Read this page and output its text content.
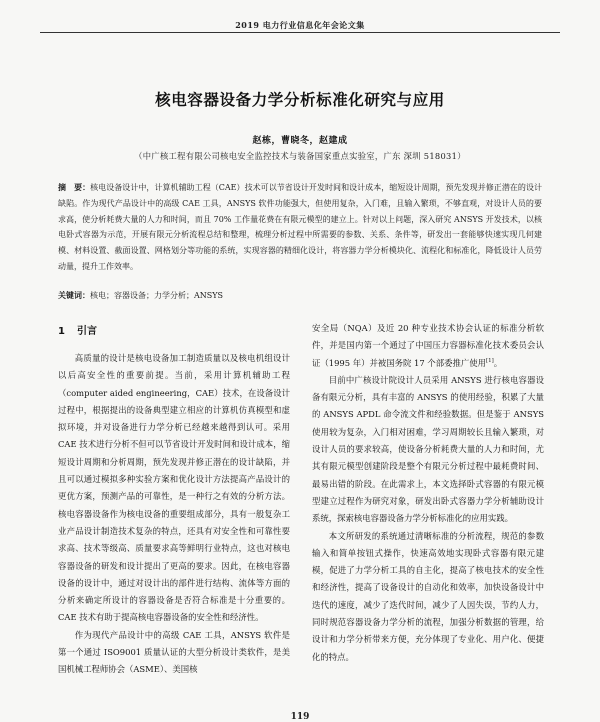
2019 电力行业信息化年会论文集
核电容器设备力学分析标准化研究与应用
赵栋，曹晓冬，赵建成
（中广核工程有限公司核电安全监控技术与装备国家重点实验室，广东 深圳 518031）
摘　要：核电设备设计中，计算机辅助工程（CAE）技术可以节省设计开发时间和设计成本，缩短设计周期，预先发现并修正潜在的设计缺陷。作为现代产品设计中的高级 CAE 工具，ANSYS 软件功能强大，但使用复杂，入门难，且输入繁琐，不够直观，对设计人员的要求高，使分析耗费大量的人力和时间，而且 70% 工作量花费在有限元模型的建立上。针对以上问题，深入研究 ANSYS 开发技术，以核电卧式容器为示范，开展有限元分析流程总结和整理，梳理分析过程中所需要的参数、关系、条件等，研发出一套能够快速实现几何建模、材料设置、截面设置、网格划分等功能的系统，实现容器的精细化设计，将容器力学分析模块化、流程化和标准化，降低设计人员劳动量，提升工作效率。
关键词：核电；容器设备；力学分析；ANSYS
1 引言

高质量的设计是核电设备加工制造质量以及核电机组设计以后高安全性的重要前提。当前，采用计算机辅助工程（computer aided engineering，CAE）技术，在设备设计过程中，根据提出的设备典型建立相应的计算机仿真模型和虚拟环境，并对设备进行力学分析已经越来越得到认可。采用 CAE 技术进行分析不但可以节省设计开发时间和设计成本，缩短设计周期和分析周期，预先发现并修正潜在的设计缺陷，并且可以通过模拟多种实验方案和优化设计方法提高产品设计的更优方案，预测产品的可靠性，是一种行之有效的分析方法。核电容器设备作为核电设备的重要组成部分，具有一般复杂工业产品设计制造技术复杂的特点，还具有对安全性和可靠性要求高、技术等级高、质量要求高等鲜明行业特点，这也对核电容器设备的研发和设计提出了更高的要求。因此，在核电容器设备的设计中，通过对设计出的部件进行结构、流体等方面的分析来确定所设计的容器设备是否符合标准是十分重要的。CAE 技术有助于提高核电容器设备的安全性和经济性。

作为现代产品设计中的高级 CAE 工具，ANSYS 软件是第一个通过 ISO9001 质量认证的大型分析设计类软件，是美国机械工程师协会（ASME）、美国核

安全局（NQA）及近 20 种专业技术协会认证的标准分析软件，并是国内第一个通过了中国压力容器标准化技术委员会认证（1995 年）并被国务院 17 个部委推广使用[1]。

目前中广核设计院设计人员采用 ANSYS 进行核电容器设备有限元分析，具有丰富的 ANSYS 的使用经验，积累了大量的 ANSYS APDL 命令流文件和经验数据。但是鉴于 ANSYS 使用较为复杂，入门相对困难，学习周期较长且输入繁琐，对设计人员的要求较高，使设备分析耗费大量的人力和时间，尤其有限元模型创建阶段是整个有限元分析过程中最耗费时间、最易出错的阶段。在此需求上，本文选择卧式容器的有限元模型建立过程作为研究对象，研发出卧式容器力学分析辅助设计系统，探索核电容器设备力学分析标准化的应用实践。

本文所研发的系统通过清晰标准的分析流程，规范的参数输入和简单按钮式操作，快速高效地实现卧式容器有限元建模，促进了力学分析工具的自主化，提高了核电技术的安全性和经济性，提高了设备设计的自动化和效率，加快设备设计中迭代的速度，减少了迭代时间，减少了人因失误，节约人力，同时规范容器设备力学分析的流程，加强分析数据的管理，给设计和力学分析带来方便，充分体现了专业化、用户化、便捷化的特点。

119
